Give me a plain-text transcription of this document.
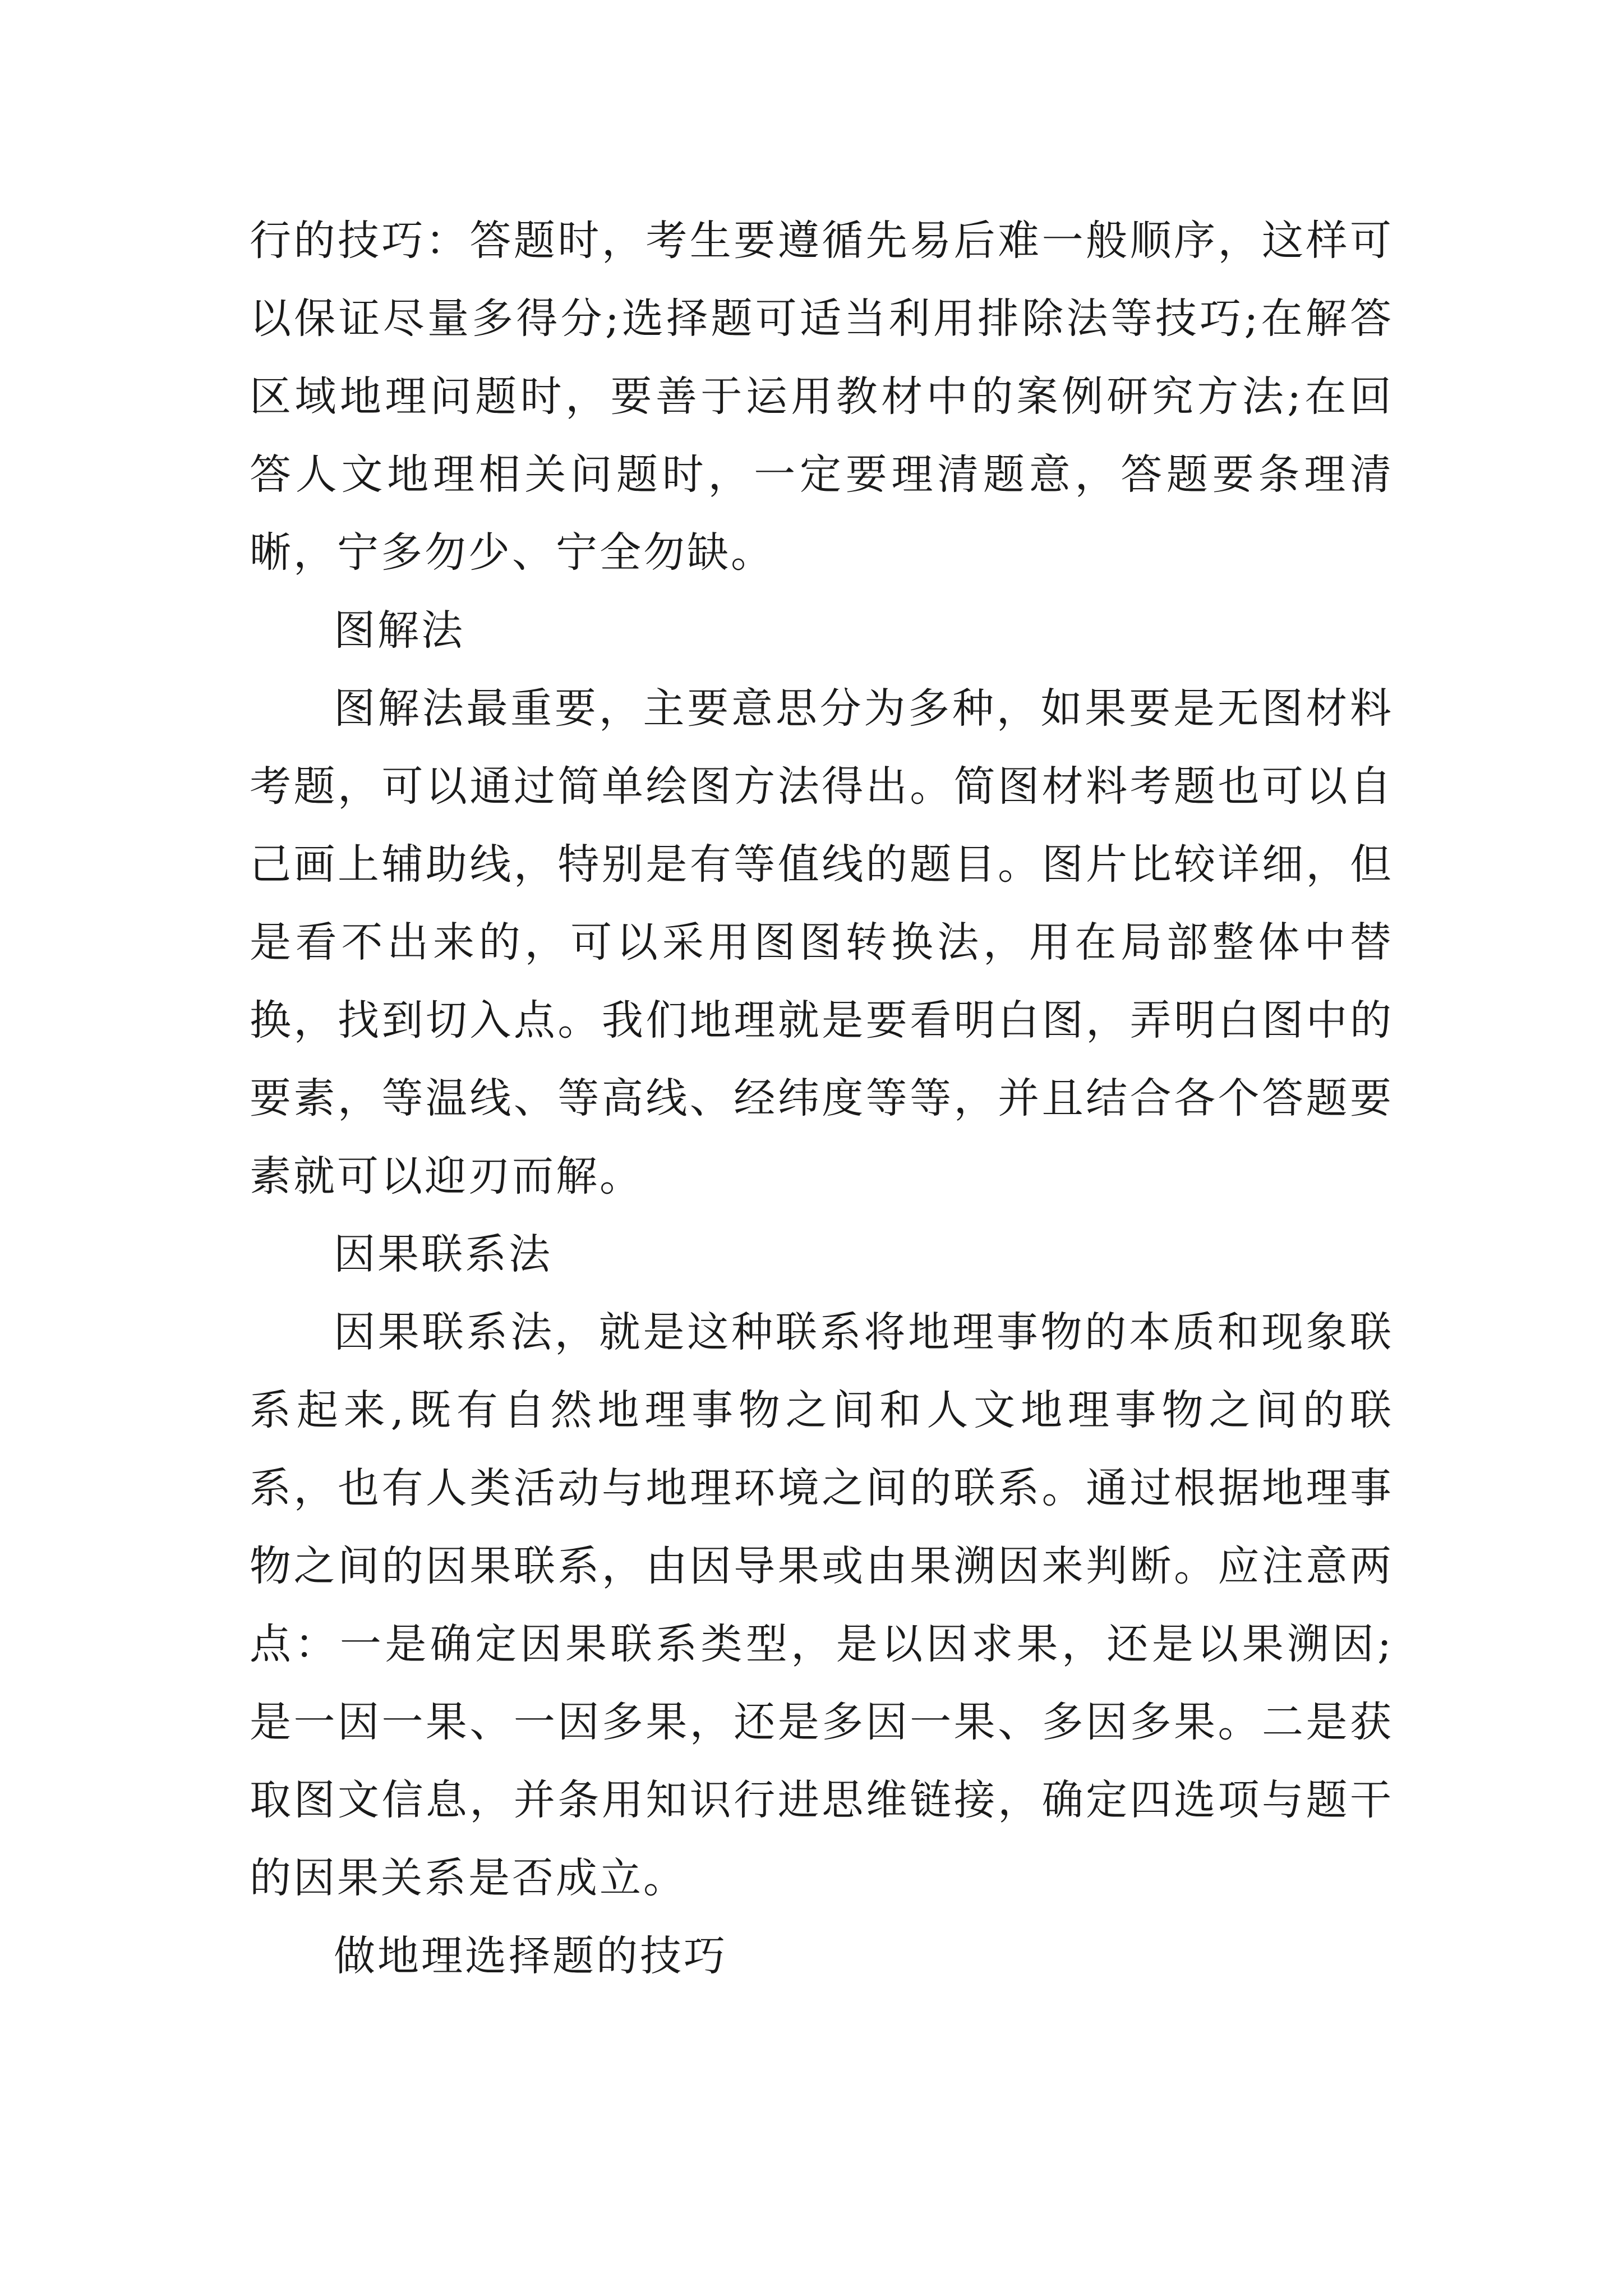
行的技巧：答题时，考生要遵循先易后难一般顺序，这样可以保证尽量多得分;选择题可适当利用排除法等技巧;在解答区域地理问题时，要善于运用教材中的案例研究方法;在回答人文地理相关问题时，一定要理清题意，答题要条理清晰，宁多勿少、宁全勿缺。

图解法

图解法最重要，主要意思分为多种，如果要是无图材料考题，可以通过简单绘图方法得出。简图材料考题也可以自己画上辅助线，特别是有等值线的题目。图片比较详细，但是看不出来的，可以采用图图转换法，用在局部整体中替换，找到切入点。我们地理就是要看明白图，弄明白图中的要素，等温线、等高线、经纬度等等，并且结合各个答题要素就可以迎刃而解。

因果联系法

因果联系法，就是这种联系将地理事物的本质和现象联系起来,既有自然地理事物之间和人文地理事物之间的联系，也有人类活动与地理环境之间的联系。通过根据地理事物之间的因果联系，由因导果或由果溯因来判断。应注意两点：一是确定因果联系类型，是以因求果，还是以果溯因;是一因一果、一因多果，还是多因一果、多因多果。二是获取图文信息，并条用知识行进思维链接，确定四选项与题干的因果关系是否成立。

做地理选择题的技巧
